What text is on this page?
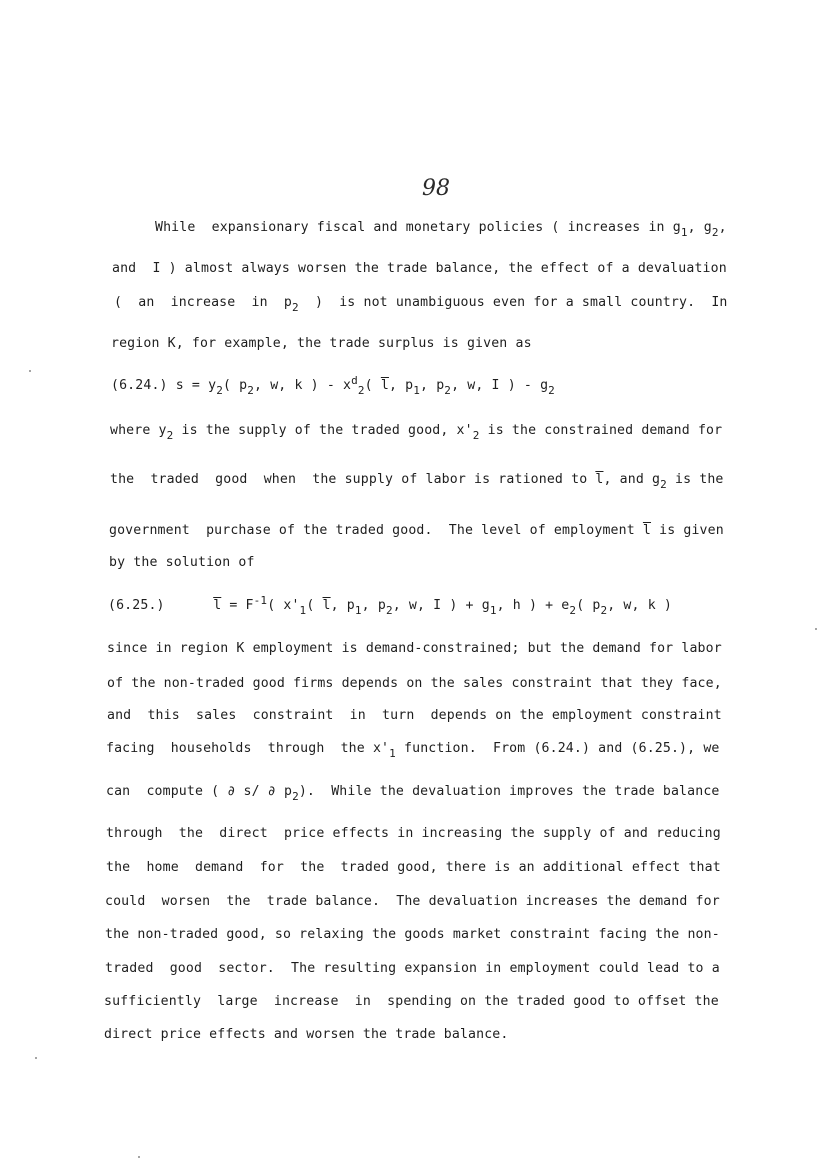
98
While  expansionary fiscal and monetary policies ( increases in $g_1$, $g_2$,
and  I ) almost always worsen the trade balance, the effect of a devaluation
(  an  increase  in  $p_2$  )  is not unambiguous even for a small country.  In
region K, for example, the trade surplus is given as
(6.24.) $s = y_2$( $p_2$, w, k ) - $x^d_2$( $\overline{l}$, $p_1$, $p_2$, w, I ) - $g_2$
where $y_2$ is the supply of the traded good, $x'_2$ is the constrained demand for
the  traded  good  when  the supply of labor is rationed to $\overline{l}$, and $g_2$ is the
government  purchase of the traded good.  The level of employment $\overline{l}$ is given
by the solution of
(6.25.)	$\overline{l} = F^{-1}$( $x'_1$( $\overline{l}$, $p_1$, $p_2$, w, I ) + $g_1$, h ) + $e_2$( $p_2$, w, k )
since in region K employment is demand-constrained; but the demand for labor
of the non-traded good firms depends on the sales constraint that they face,
and  this  sales  constraint  in  turn  depends on the employment constraint
facing  households  through  the $x'_1$ function.  From (6.24.) and (6.25.), we
can  compute ( ∂ s/ ∂ $p_2$).  While the devaluation improves the trade balance
through  the  direct  price effects in increasing the supply of and reducing
the  home  demand  for  the  traded good, there is an additional effect that
could  worsen  the  trade balance.  The devaluation increases the demand for
the non-traded good, so relaxing the goods market constraint facing the non-
traded  good  sector.  The resulting expansion in employment could lead to a
sufficiently  large  increase  in  spending on the traded good to offset the
direct price effects and worsen the trade balance.
